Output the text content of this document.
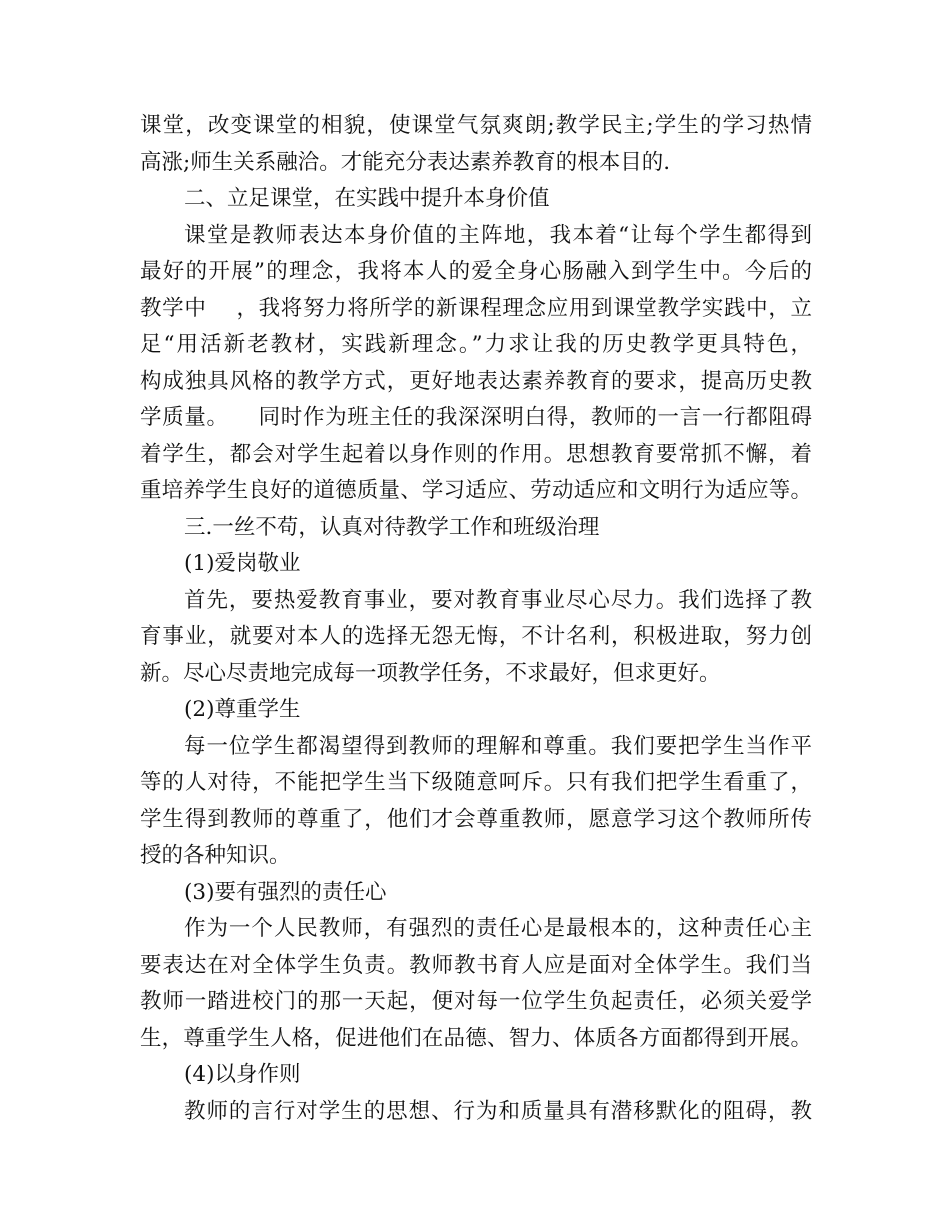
课堂，改变课堂的相貌，使课堂气氛爽朗;教学民主;学生的学习热情
高涨;师生关系融洽。才能充分表达素养教育的根本目的.
二、立足课堂，在实践中提升本身价值
课堂是教师表达本身价值的主阵地，我本着“让每个学生都得到
最好的开展”的理念，我将本人的爱全身心肠融入到学生中。今后的
教学中    ，我将努力将所学的新课程理念应用到课堂教学实践中，立
足“用活新老教材，实践新理念。”力求让我的历史教学更具特色，
构成独具风格的教学方式，更好地表达素养教育的要求，提高历史教
学质量。    同时作为班主任的我深深明白得，教师的一言一行都阻碍
着学生，都会对学生起着以身作则的作用。思想教育要常抓不懈，着
重培养学生良好的道德质量、学习适应、劳动适应和文明行为适应等。
三.一丝不苟，认真对待教学工作和班级治理
(1)爱岗敬业
首先，要热爱教育事业，要对教育事业尽心尽力。我们选择了教
育事业，就要对本人的选择无怨无悔，不计名利，积极进取，努力创
新。尽心尽责地完成每一项教学任务，不求最好，但求更好。
(2)尊重学生
每一位学生都渴望得到教师的理解和尊重。我们要把学生当作平
等的人对待，不能把学生当下级随意呵斥。只有我们把学生看重了，
学生得到教师的尊重了，他们才会尊重教师，愿意学习这个教师所传
授的各种知识。
(3)要有强烈的责任心
作为一个人民教师，有强烈的责任心是最根本的，这种责任心主
要表达在对全体学生负责。教师教书育人应是面对全体学生。我们当
教师一踏进校门的那一天起，便对每一位学生负起责任，必须关爱学
生，尊重学生人格，促进他们在品德、智力、体质各方面都得到开展。
(4)以身作则
教师的言行对学生的思想、行为和质量具有潜移默化的阻碍，教
